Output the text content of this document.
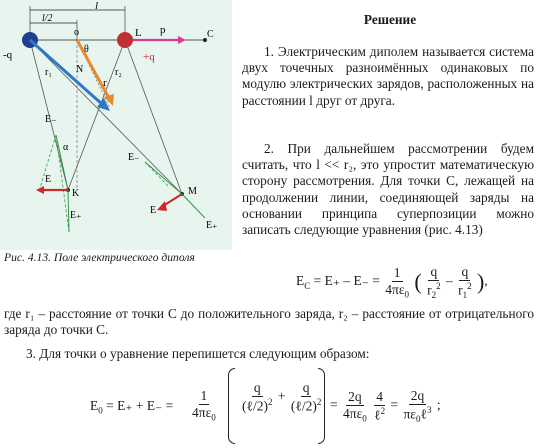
l
l/2
-q
L
+q
o	C
p
r
r₁	r₂
N
θ
K
E₋
E₊
E
α
M
E₋
E₊
E
Рис. 4.13. Поле электрического диполя
Решение
1. Электрическим диполем называется система двух точечных разноимённых одинаковых по модулю электрических зарядов, расположенных на расстоянии l друг от друга.
2. При дальнейшем рассмотрении будем считать, что l << r₂, это упростит математическую сторону рассмотрения. Для точки C, лежащей на продолжении линии, соединяющей заряды на основании принципа суперпозиции можно записать следующие уравнения (рис. 4.13)
$E_C = E_+ - E_- = \frac{1}{4\pi\varepsilon_0}$ ( $\frac{q}{r_2^2} - \frac{q}{r_1^2}$ ),
где r₁ – расстояние от точки C до положительного заряда, r₂ – расстояние от отрицательного заряда до точки C.
3. Для точки o уравнение перепишется следующим образом:
$E_0 = E_+ + E_- = \frac{1}{4\pi\varepsilon_0} \frac{q}{(\ell/2)^2} + \frac{q}{(\ell/2)^2} = \frac{2q}{4\pi\varepsilon_0}$
$\frac{4}{\ell^2} = \frac{2q}{\pi\varepsilon_0\ell^3}$ ;
